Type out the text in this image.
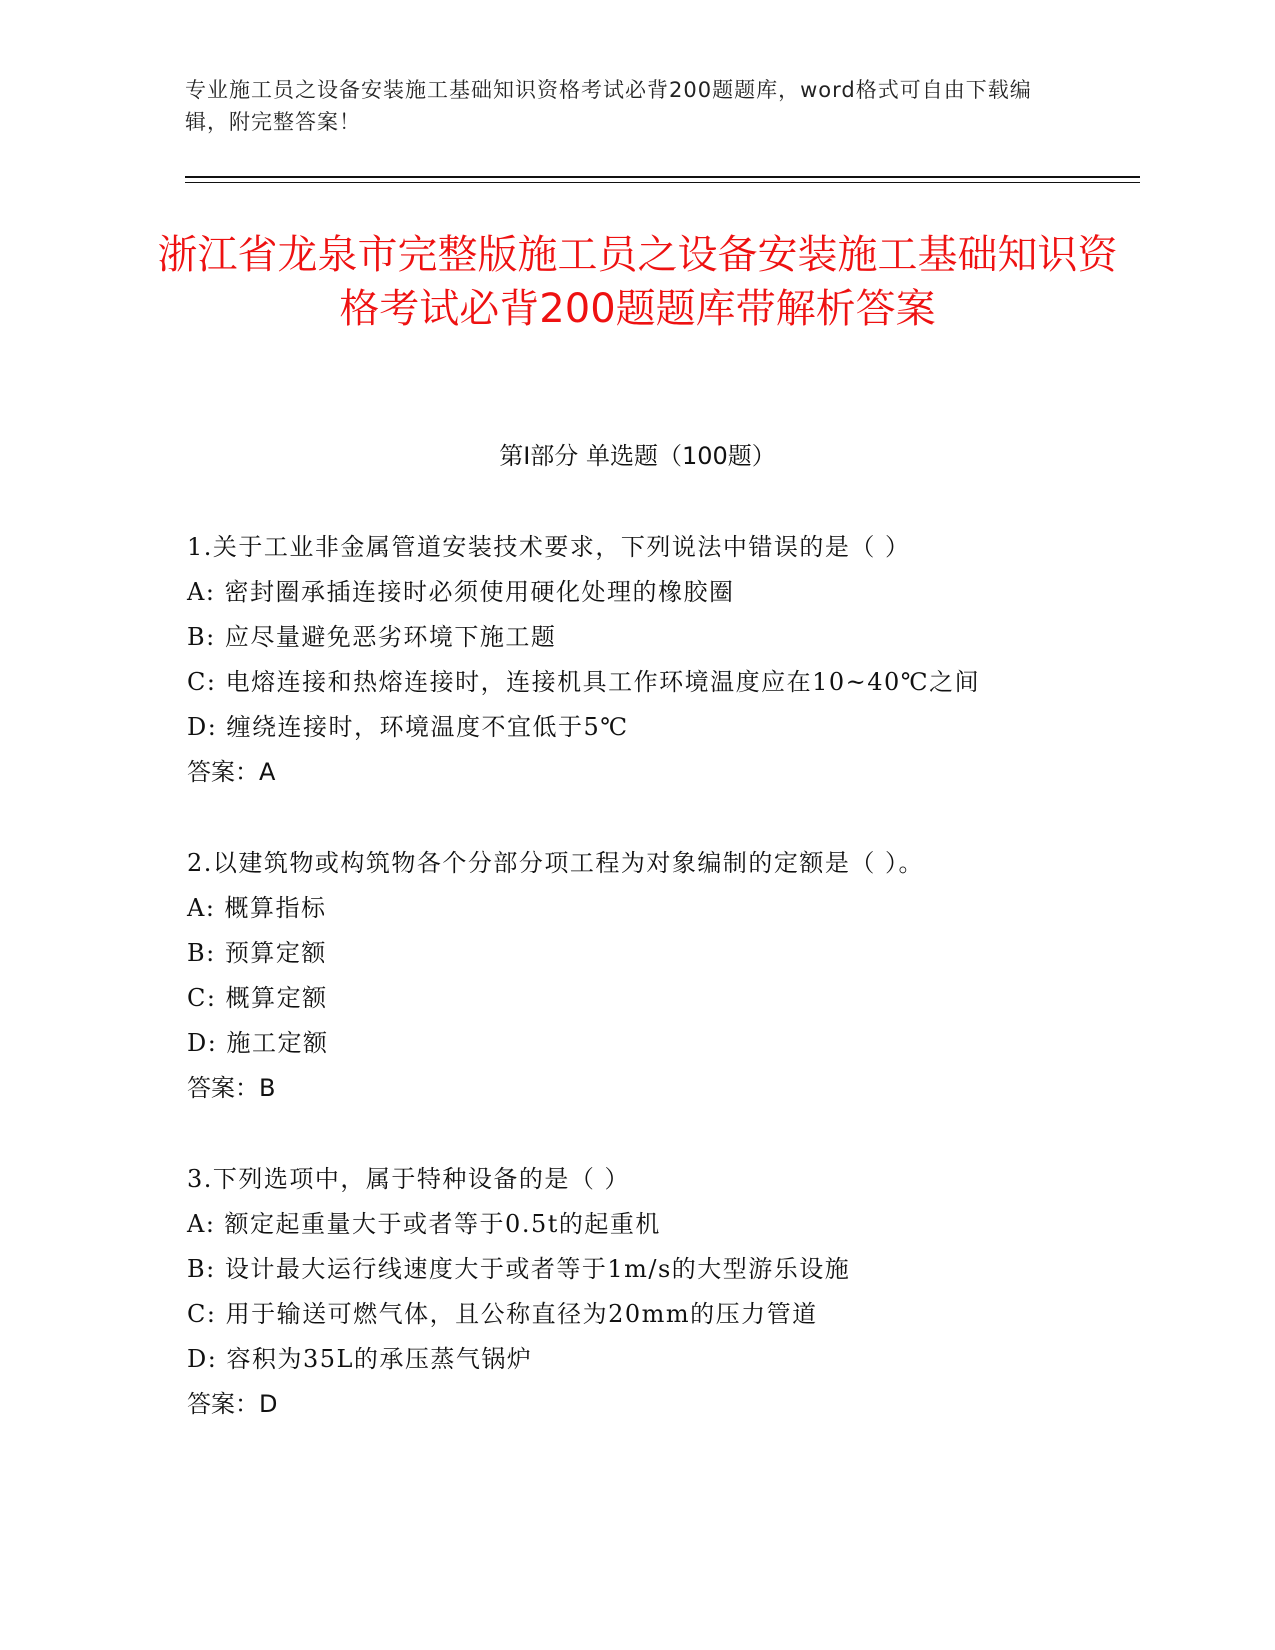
专业施工员之设备安装施工基础知识资格考试必背200题题库，word格式可自由下载编辑，附完整答案！
浙江省龙泉市完整版施工员之设备安装施工基础知识资格考试必背200题题库带解析答案
第I部分 单选题（100题）
1.关于工业非金属管道安装技术要求，下列说法中错误的是（ ）
A: 密封圈承插连接时必须使用硬化处理的橡胶圈
B: 应尽量避免恶劣环境下施工题
C: 电熔连接和热熔连接时，连接机具工作环境温度应在10~40℃之间
D: 缠绕连接时，环境温度不宜低于5℃
答案：A
2.以建筑物或构筑物各个分部分项工程为对象编制的定额是（ ）。
A: 概算指标
B: 预算定额
C: 概算定额
D: 施工定额
答案：B
3.下列选项中，属于特种设备的是（ ）
A: 额定起重量大于或者等于0.5t的起重机
B: 设计最大运行线速度大于或者等于1m/s的大型游乐设施
C: 用于输送可燃气体，且公称直径为20mm的压力管道
D: 容积为35L的承压蒸气锅炉
答案：D
